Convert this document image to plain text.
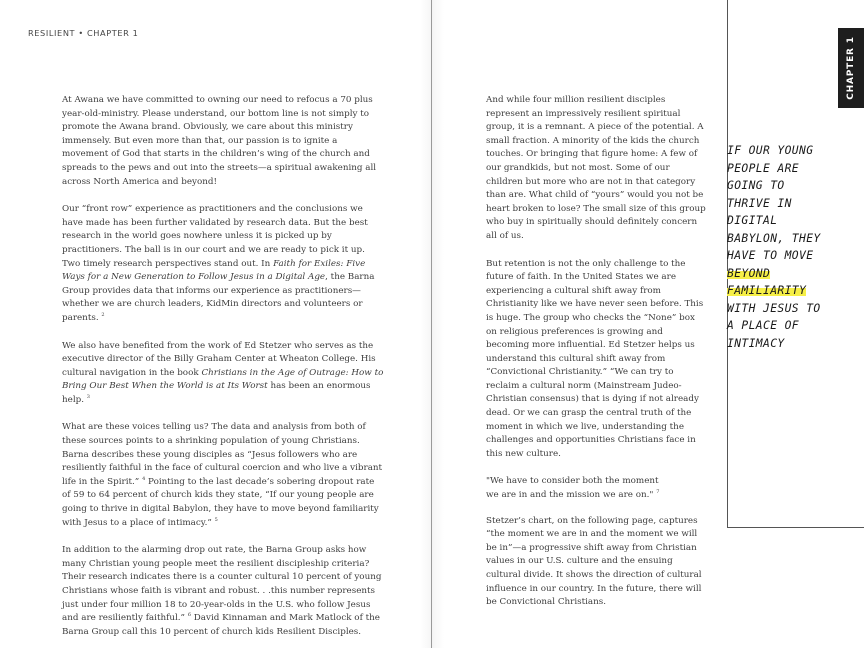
RESILIENT • CHAPTER 1

At Awana we have committed to owning our need to refocus a 70 plus year-old-ministry. Please understand, our bottom line is not simply to promote the Awana brand. Obviously, we care about this ministry immensely. But even more than that, our passion is to ignite a movement of God that starts in the children’s wing of the church and spreads to the pews and out into the streets—a spiritual awakening all across North America and beyond!

Our “front row” experience as practitioners and the conclusions we have made has been further validated by research data. But the best research in the world goes nowhere unless it is picked up by practitioners. The ball is in our court and we are ready to pick it up. Two timely research perspectives stand out. In Faith for Exiles: Five Ways for a New Generation to Follow Jesus in a Digital Age, the Barna Group provides data that informs our experience as practitioners—whether we are church leaders, KidMin directors and volunteers or parents. $^2$

We also have benefited from the work of Ed Stetzer who serves as the executive director of the Billy Graham Center at Wheaton College. His cultural navigation in the book Christians in the Age of Outrage: How to Bring Our Best When the World is at Its Worst has been an enormous help. $^3$

What are these voices telling us? The data and analysis from both of these sources points to a shrinking population of young Christians. Barna describes these young disciples as “Jesus followers who are resiliently faithful in the face of cultural coercion and who live a vibrant life in the Spirit.” $^4$ Pointing to the last decade’s sobering dropout rate of 59 to 64 percent of church kids they state, “If our young people are going to thrive in digital Babylon, they have to move beyond familiarity with Jesus to a place of intimacy.” $^5$

In addition to the alarming drop out rate, the Barna Group asks how many Christian young people meet the resilient discipleship criteria? Their research indicates there is a counter cultural 10 percent of young Christians whose faith is vibrant and robust. . .this number represents just under four million 18 to 20-year-olds in the U.S. who follow Jesus and are resiliently faithful.” $^6$ David Kinnaman and Mark Matlock of the Barna Group call this 10 percent of church kids Resilient Disciples.

And while four million resilient disciples represent an impressively resilient spiritual group, it is a remnant. A piece of the potential. A small fraction. A minority of the kids the church touches. Or bringing that figure home: A few of our grandkids, but not most. Some of our children but more who are not in that category than are. What child of “yours” would you not be heart broken to lose? The small size of this group who buy in spiritually should definitely concern all of us.

But retention is not the only challenge to the future of faith. In the United States we are experiencing a cultural shift away from Christianity like we have never seen before. This is huge. The group who checks the “None” box on religious preferences is growing and becoming more influential. Ed Stetzer helps us understand this cultural shift away from “Convictional Christianity.” “We can try to reclaim a cultural norm (Mainstream Judeo-Christian consensus) that is dying if not already dead. Or we can grasp the central truth of the moment in which we live, understanding the challenges and opportunities Christians face in this new culture.

"We have to consider both the moment
we are in and the mission we are on." $^7$

Stetzer’s chart, on the following page, captures “the moment we are in and the moment we will be in”—a progressive shift away from Christian values in our U.S. culture and the ensuing cultural divide. It shows the direction of cultural influence in our country. In the future, there will be Convictional Christians.

CHAPTER 1

IF OUR YOUNG PEOPLE ARE GOING TO THRIVE IN DIGITAL BABYLON, THEY HAVE TO MOVE BEYOND FAMILIARITY WITH JESUS TO A PLACE OF INTIMACY
